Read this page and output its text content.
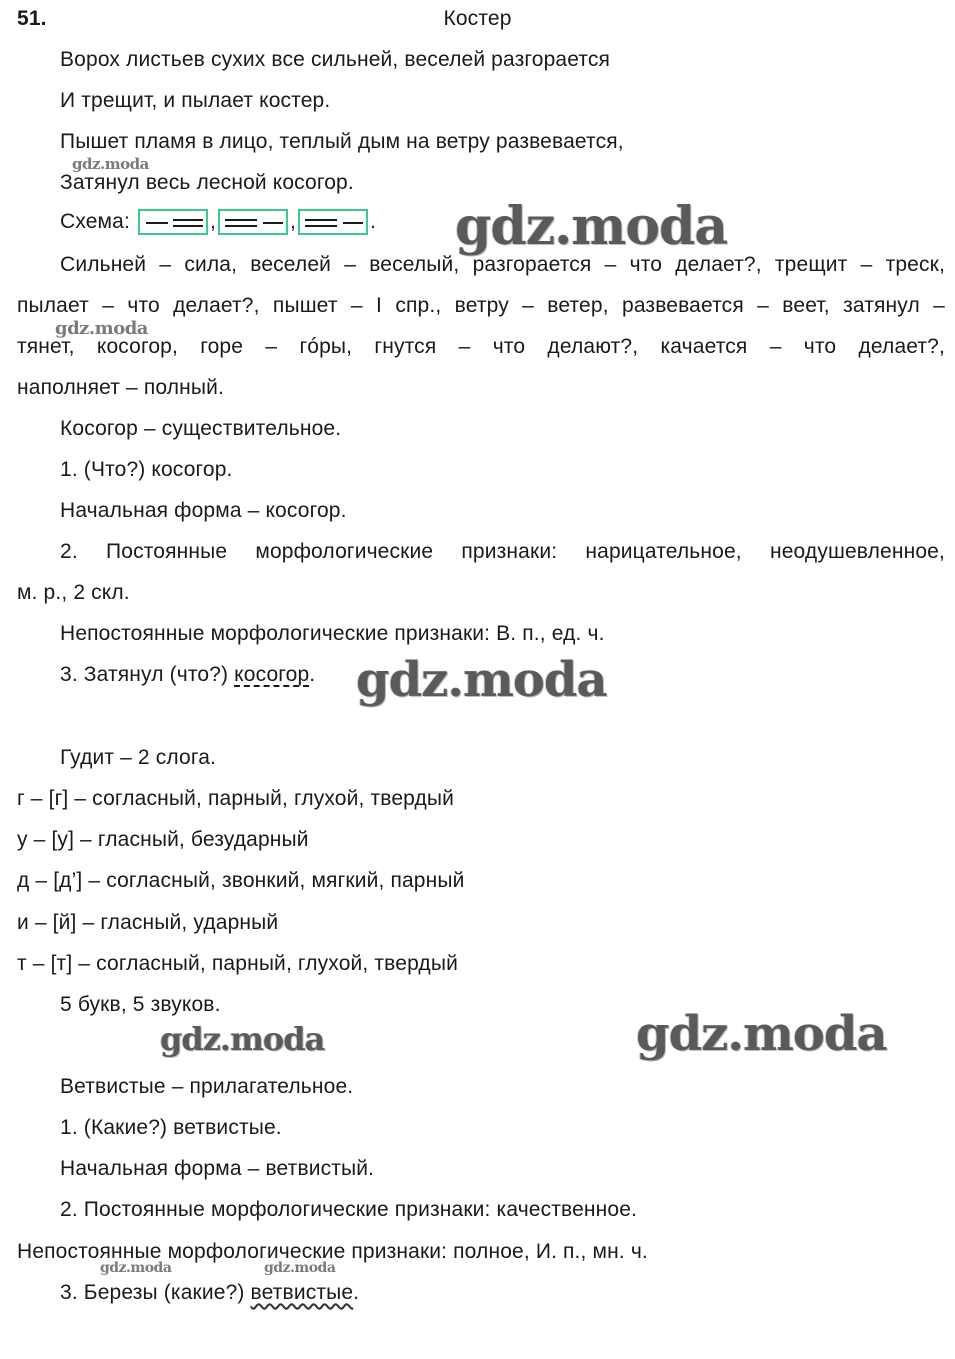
51.	Костер
Ворох листьев сухих все сильней, веселей разгорается
И трещит, и пылает костер.
Пышет пламя в лицо, теплый дым на ветру развевается,
Затянул весь лесной косогор.
Схема:	,	,	.
Сильней – сила, веселей – веселый, разгорается – что делает?, трещит – треск,
пылает – что делает?, пышет – I спр., ветру – ветер, развевается – веет, затянул –
тянет, косогор, горе – гóры, гнутся – что делают?, качается – что делает?,
наполняет – полный.
Косогор – существительное.
1. (Что?) косогор.
Начальная форма – косогор.
2. Постоянные морфологические признаки: нарицательное, неодушевленное,
м. р., 2 скл.
Непостоянные морфологические признаки: В. п., ед. ч.
3. Затянул (что?) косогор.
Гудит – 2 слога.
г – [г] – согласный, парный, глухой, твердый
у – [у] – гласный, безударный
д – [д’] – согласный, звонкий, мягкий, парный
и – [й] – гласный, ударный
т – [т] – согласный, парный, глухой, твердый
5 букв, 5 звуков.
Ветвистые – прилагательное.
1. (Какие?) ветвистые.
Начальная форма – ветвистый.
2. Постоянные морфологические признаки: качественное.
Непостоянные морфологические признаки: полное, И. п., мн. ч.
3. Березы (какие?) ветвистые.
gdz.moda
gdz.moda
gdz.moda
gdz.moda
gdz.moda	gdz.moda
gdz.moda	gdz.moda
